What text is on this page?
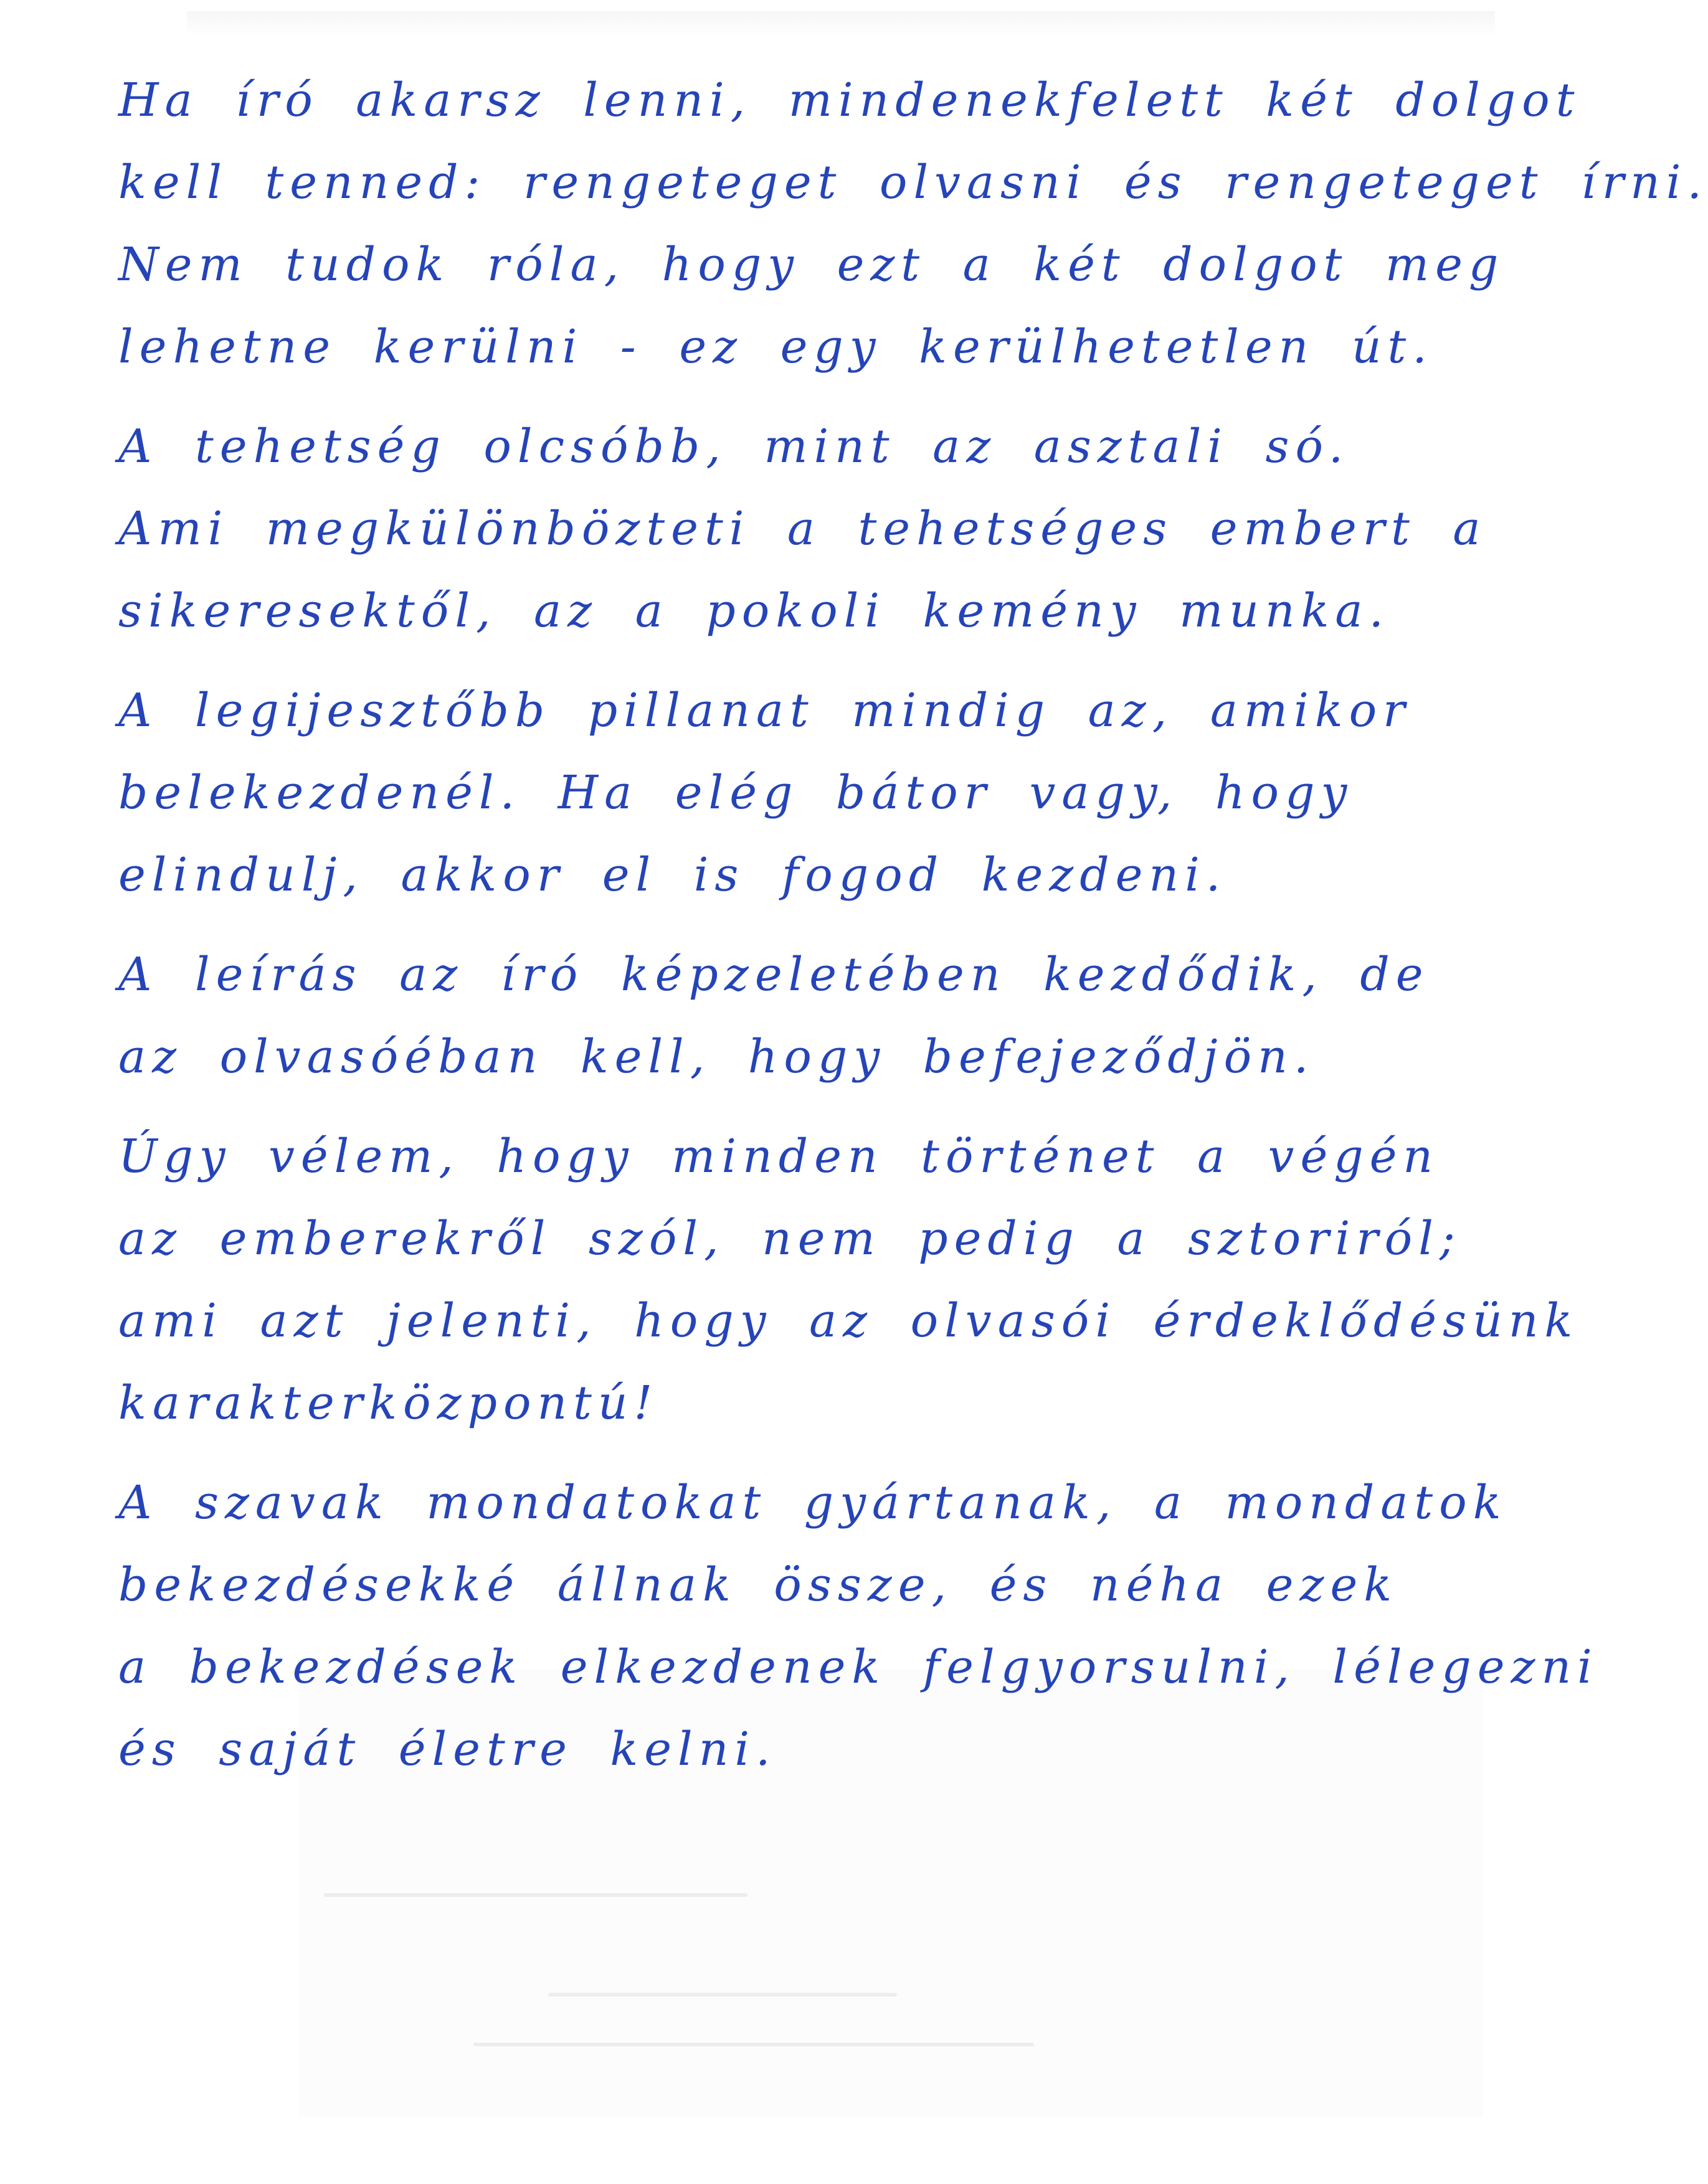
Ha író akarsz lenni, mindenekfelett két dolgot
kell tenned: rengeteget olvasni és rengeteget írni.
Nem tudok róla, hogy ezt a két dolgot meg
lehetne kerülni - ez egy kerülhetetlen út.
A tehetség olcsóbb, mint az asztali só.
Ami megkülönbözteti a tehetséges embert a
sikeresektől, az a pokoli kemény munka.
A legijesztőbb pillanat mindig az, amikor
belekezdenél. Ha elég bátor vagy, hogy
elindulj, akkor el is fogod kezdeni.
A leírás az író képzeletében kezdődik, de
az olvasóéban kell, hogy befejeződjön.
Úgy vélem, hogy minden történet a végén
az emberekről szól, nem pedig a sztoriról;
ami azt jelenti, hogy az olvasói érdeklődésünk
karakterközpontú!
A szavak mondatokat gyártanak, a mondatok
bekezdésekké állnak össze, és néha ezek
a bekezdések elkezdenek felgyorsulni, lélegezni
és saját életre kelni.
